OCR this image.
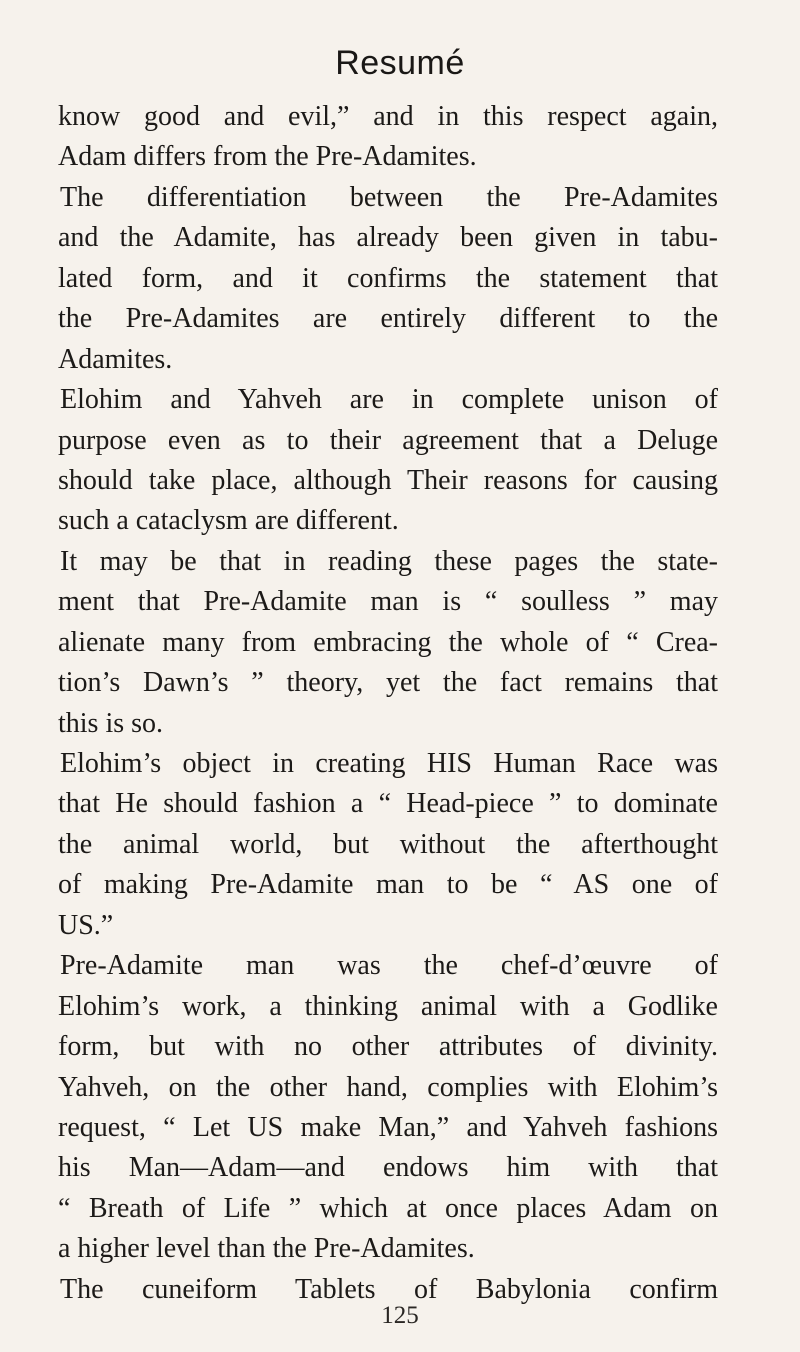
Resumé
know good and evil,” and in this respect again,
Adam differs from the Pre-Adamites.
The differentiation between the Pre-Adamites
and the Adamite, has already been given in tabu-
lated form, and it confirms the statement that
the Pre-Adamites are entirely different to the
Adamites.
Elohim and Yahveh are in complete unison of
purpose even as to their agreement that a Deluge
should take place, although Their reasons for causing
such a cataclysm are different.
It may be that in reading these pages the state-
ment that Pre-Adamite man is “ soulless ” may
alienate many from embracing the whole of “ Crea-
tion’s Dawn’s ” theory, yet the fact remains that
this is so.
Elohim’s object in creating HIS Human Race was
that He should fashion a “ Head-piece ” to dominate
the animal world, but without the afterthought
of making Pre-Adamite man to be “ AS one of
US.”
Pre-Adamite man was the chef-d’œuvre of
Elohim’s work, a thinking animal with a Godlike
form, but with no other attributes of divinity.
Yahveh, on the other hand, complies with Elohim’s
request, “ Let US make Man,” and Yahveh fashions
his Man—Adam—and endows him with that
“ Breath of Life ” which at once places Adam on
a higher level than the Pre-Adamites.
The cuneiform Tablets of Babylonia confirm
125
